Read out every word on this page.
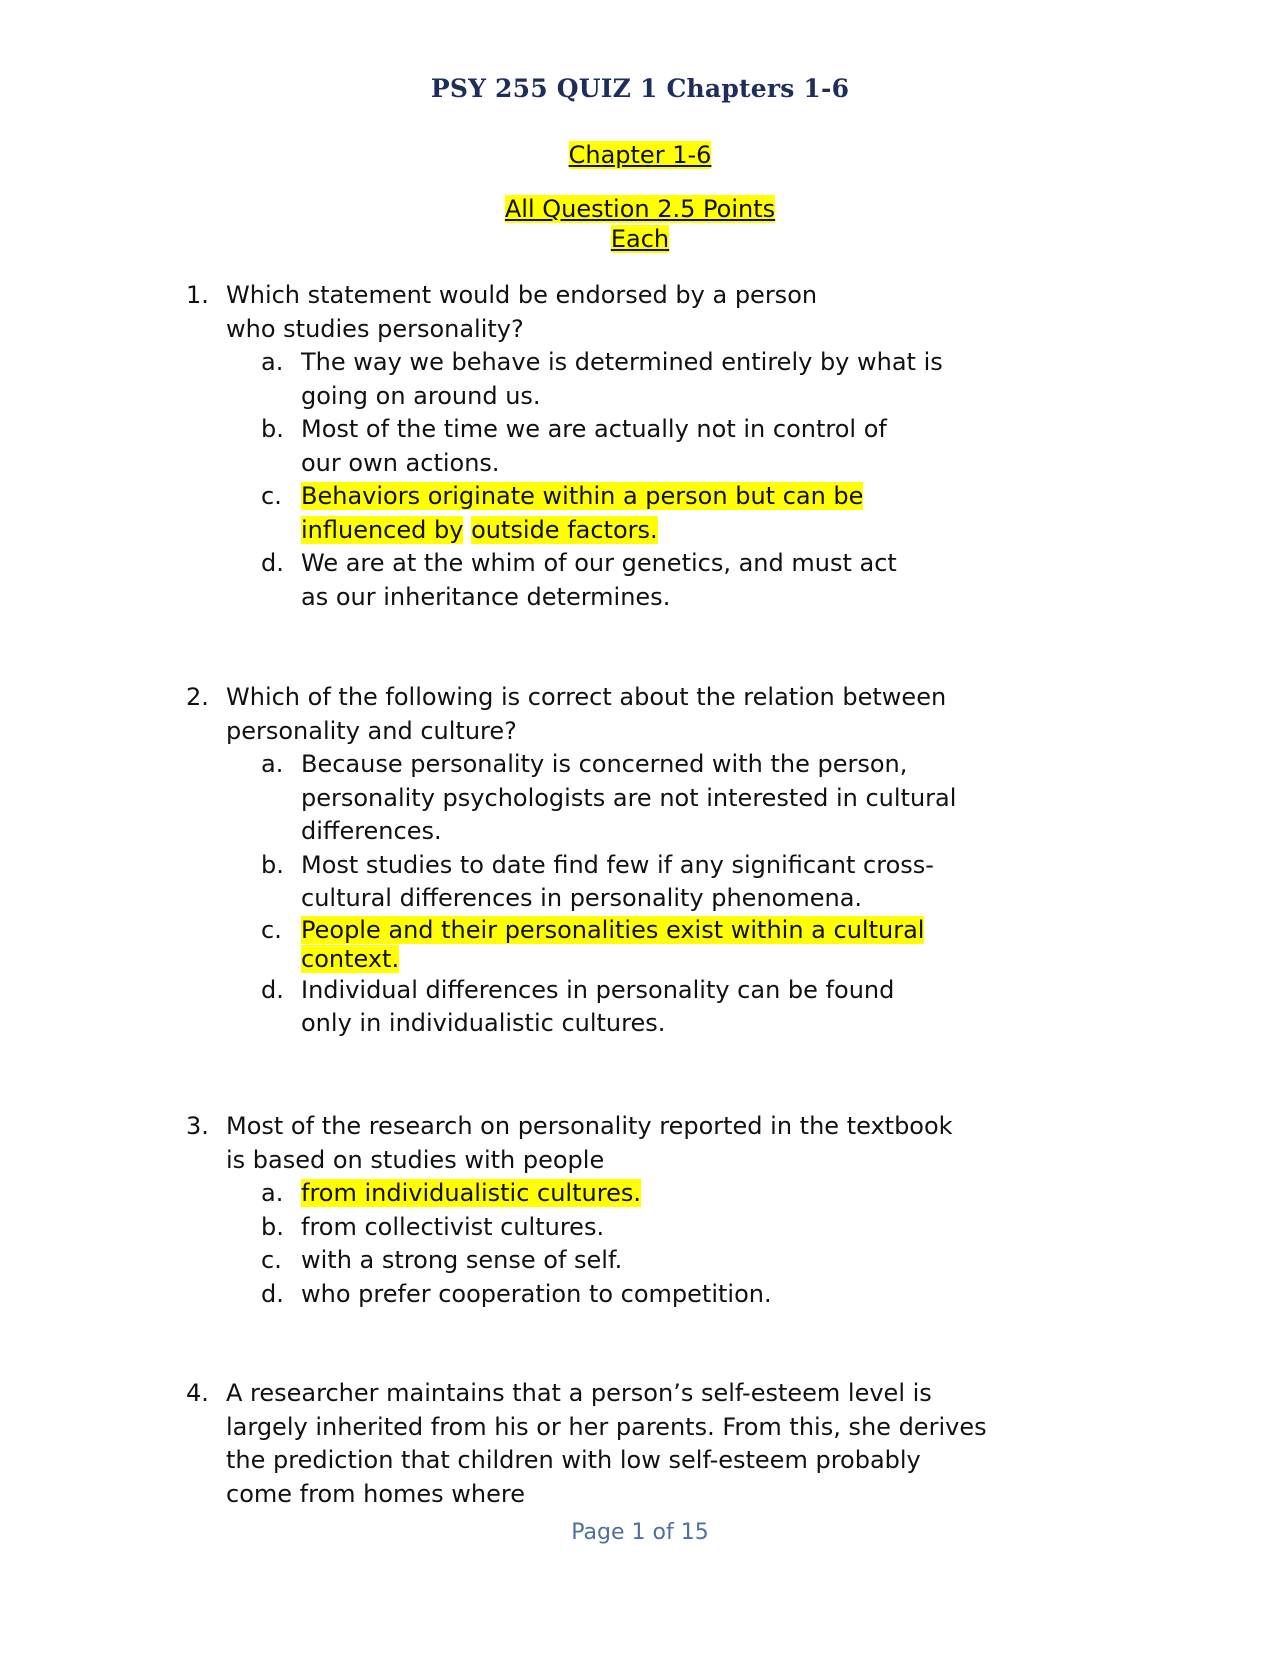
PSY 255 QUIZ 1 Chapters 1-6
Chapter 1-6
All Question 2.5 Points
Each
1. Which statement would be endorsed by a person
who studies personality?
a. The way we behave is determined entirely by what is
going on around us.
b. Most of the time we are actually not in control of
our own actions.
c. Behaviors originate within a person but can be
influenced by outside factors.
d. We are at the whim of our genetics, and must act
as our inheritance determines.
2. Which of the following is correct about the relation between
personality and culture?
a. Because personality is concerned with the person,
personality psychologists are not interested in cultural
differences.
b. Most studies to date find few if any significant cross-
cultural differences in personality phenomena.
c. People and their personalities exist within a cultural
context.
d. Individual differences in personality can be found
only in individualistic cultures.
3. Most of the research on personality reported in the textbook
is based on studies with people
a. from individualistic cultures.
b. from collectivist cultures.
c. with a strong sense of self.
d. who prefer cooperation to competition.
4. A researcher maintains that a person’s self-esteem level is
largely inherited from his or her parents. From this, she derives
the prediction that children with low self-esteem probably
come from homes where
Page 1 of 15
